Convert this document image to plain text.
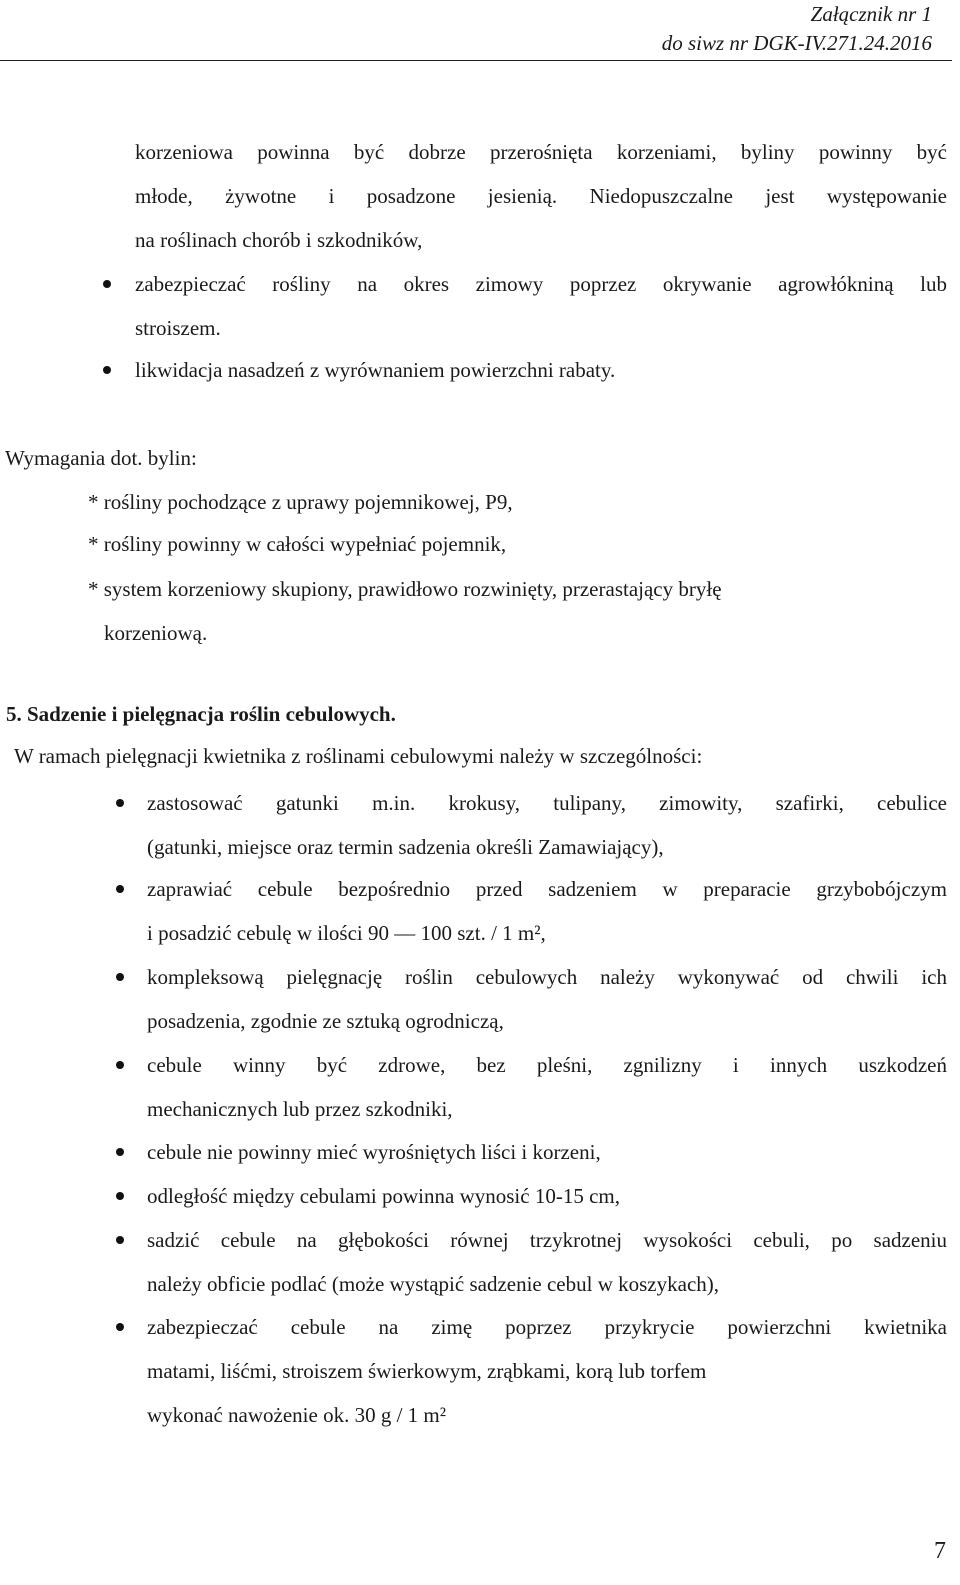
Załącznik nr 1
do siwz nr DGK-IV.271.24.2016
korzeniowa powinna być dobrze przerośnięta korzeniami, byliny powinny być
młode, żywotne i posadzone jesienią. Niedopuszczalne jest występowanie
na roślinach chorób i szkodników,
zabezpieczać rośliny na okres zimowy poprzez okrywanie agrowłókniną lub
stroiszem.
likwidacja nasadzeń z wyrównaniem powierzchni rabaty.
Wymagania dot. bylin:
* rośliny pochodzące z uprawy pojemnikowej, P9,
* rośliny powinny w całości wypełniać pojemnik,
* system korzeniowy skupiony, prawidłowo rozwinięty, przerastający bryłę
korzeniową.
5. Sadzenie i pielęgnacja roślin cebulowych.
W ramach pielęgnacji kwietnika z roślinami cebulowymi należy w szczególności:
zastosować gatunki m.in. krokusy, tulipany, zimowity, szafirki, cebulice
(gatunki, miejsce oraz termin sadzenia określi Zamawiający),
zaprawiać cebule bezpośrednio przed sadzeniem w preparacie grzybobójczym
i posadzić cebulę w ilości 90 — 100 szt. / 1 m²,
kompleksową pielęgnację roślin cebulowych należy wykonywać od chwili ich
posadzenia, zgodnie ze sztuką ogrodniczą,
cebule winny być zdrowe, bez pleśni, zgnilizny i innych uszkodzeń
mechanicznych lub przez szkodniki,
cebule nie powinny mieć wyrośniętych liści i korzeni,
odległość między cebulami powinna wynosić 10-15 cm,
sadzić cebule na głębokości równej trzykrotnej wysokości cebuli, po sadzeniu
należy obficie podlać (może wystąpić sadzenie cebul w koszykach),
zabezpieczać cebule na zimę poprzez przykrycie powierzchni kwietnika
matami, liśćmi, stroiszem świerkowym, zrąbkami, korą lub torfem
wykonać nawożenie ok. 30 g / 1 m²
7
